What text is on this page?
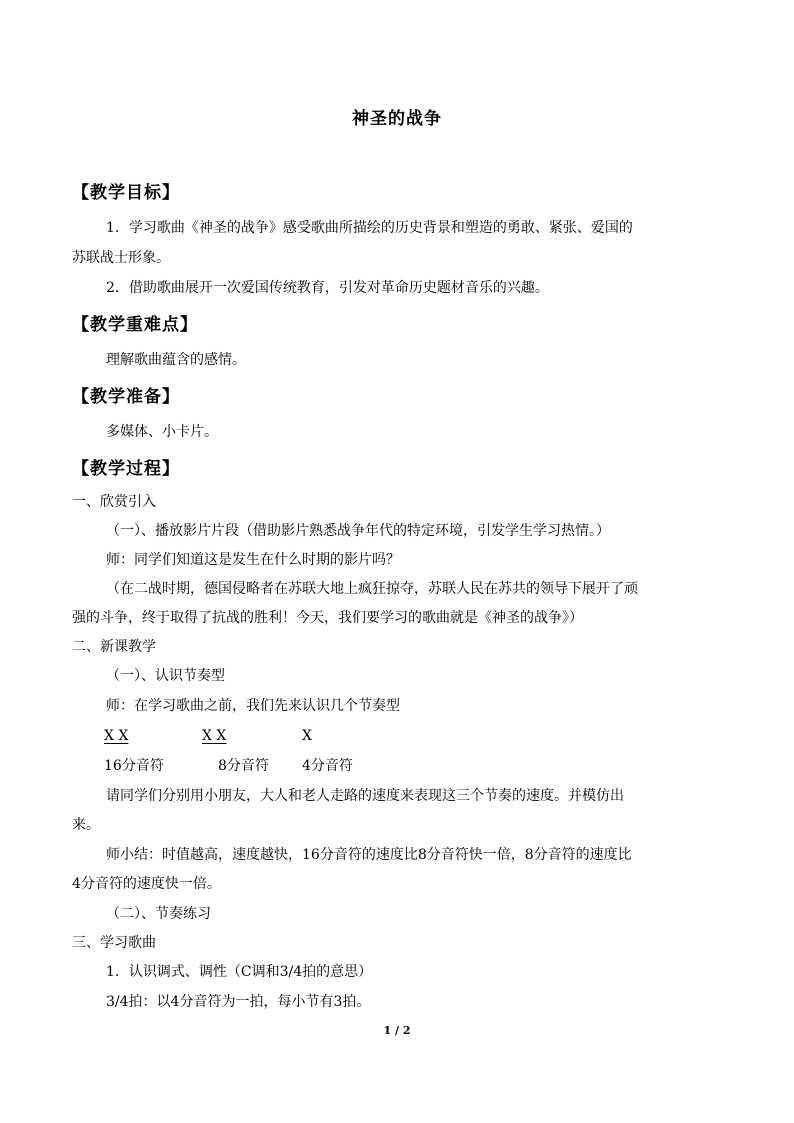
神圣的战争
【教学目标】
1．学习歌曲《神圣的战争》感受歌曲所描绘的历史背景和塑造的勇敢、紧张、爱国的
苏联战士形象。
2．借助歌曲展开一次爱国传统教育，引发对革命历史题材音乐的兴趣。
【教学重难点】
理解歌曲蕴含的感情。
【教学准备】
多媒体、小卡片。
【教学过程】
一、欣赏引入
（一）、播放影片片段（借助影片熟悉战争年代的特定环境，引发学生学习热情。）
师：同学们知道这是发生在什么时期的影片吗？
（在二战时期，德国侵略者在苏联大地上疯狂掠夺，苏联人民在苏共的领导下展开了顽
强的斗争，终于取得了抗战的胜利！今天，我们要学习的歌曲就是《神圣的战争》）
二、新课教学
（一）、认识节奏型
师：在学习歌曲之前，我们先来认识几个节奏型
X X	X X	X
16分音符	8分音符 4分音符
请同学们分别用小朋友，大人和老人走路的速度来表现这三个节奏的速度。并模仿出
来。
师小结：时值越高，速度越快，16分音符的速度比8分音符快一倍，8分音符的速度比
4分音符的速度快一倍。
（二）、节奏练习
三、学习歌曲
1．认识调式、调性（C调和3/4拍的意思）
3/4拍：以4分音符为一拍，每小节有3拍。
1 / 2
